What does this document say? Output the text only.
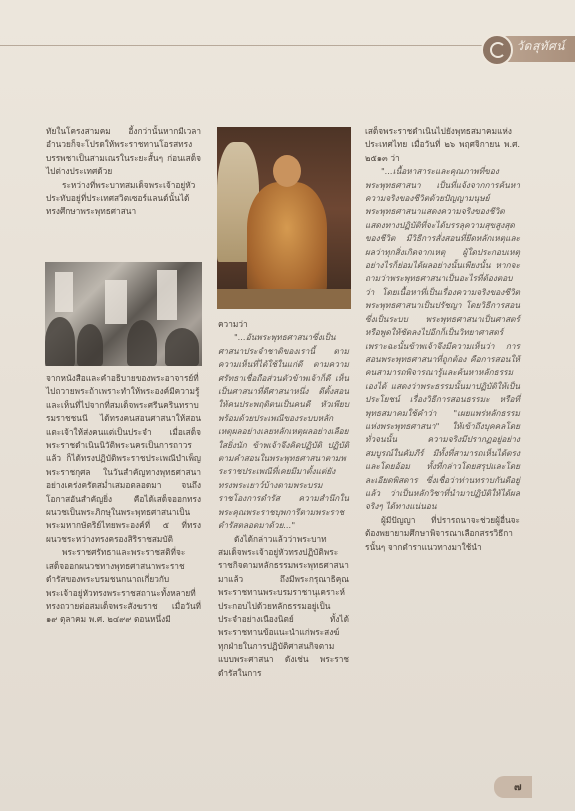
วัดสุทัศน์

ทัยในโครงสามคม อี้งกว่านั้นหากมีเวลาอำนวยก็จะโปรดให้พระราชทานโอรสทรงบรรพชาเป็นสามเณรในระยะสั้นๆ ก่อนเสด็จไปต่างประเทศด้วย

ระหว่างที่พระบาทสมเด็จพระเจ้าอยู่หัวประทับอยู่ที่ประเทศสวิตเซอร์แลนด์นั้นได้ทรงศึกษาพระพุทธศาสนา

จากหนังสือและคำอธิบายของพระอาจารย์ที่ไปถวายพระถ้าเพราะทำให้พระองค์มีความรู้และเห็นที่ไปจากที่สมเด็จพระศรีนครินทราบรมราชชนนี ได้ทรงคนสอนศาสนาให้สอนแตะเจ้าให้ส่งคนแต่เป็นประจำ เมื่อเสด็จพระราชดำเนินนิวัติพระนครเป็นการถาวรแล้ว ก็ได้ทรงปฏิบัติพระราชประเพณีบำเพ็ญพระราชกุศล ในวันสำคัญทางพุทธศาสนาอย่างเคร่งครัดสม่ำเสมอตลอดมา จนถึงโอกาสอันสำคัญยิ่ง คือได้เสด็จออกทรงผนวชเป็นพระภิกษุในพระพุทธศาสนาเป็นพระมหากษัตริย์ไทยพระองค์ที่ ๕ ที่ทรงผนวชระหว่างทรงครองสิริราชสมบัติ

พระราชศรัทธาและพระราชสติที่จะเสด็จออกผนวชทางพุทธศาสนาพระราชดำรัสของพระบรมชนกนาถเกี่ยวกับพระเจ้าอยู่หัวทรงพระราชสถานะทั้งหลายที่ทรงถวายต่อสมเด็จพระสังฆราช เมื่อวันที่ ๑๙ ตุลาคม พ.ศ. ๒๔๙๙ ตอนหนึ่งมี

ความว่า

"...อันพระพุทธศาสนาซึ่งเป็นศาสนาประจำชาติของเรานี้ ตามความเห็นที่ได้ใช้ในแก่ดี ตามความศรัทธาเชื่อถือส่วนตัวข้าพเจ้าก็ดี เห็นเป็นศาสนาที่ดีศาสนาหนึ่ง ดีตั้งสอนให้คนประพฤติตนเป็นคนดี หัวเพียบพร้อมด้วยประเพณีของระบบหลักเหตุผลอย่างเลยหลักเหตุผลอย่างเลือยใสยิ่งนัก ข้าพเจ้าจึงคิดปฏิบัติ ปฏิบัติตามคำสอนในพระพุทธศาสนาตามพระราชประเพณีที่เคยมีมาตั้งแต่ยังทรงพระเยาว์บ้างตามพระบรมราชโองการดำรัส ความสำนึกในพระคุณพระราชบุพการีตามพระราชดำรัสตลอดมาด้วย..."

ดังได้กล่าวแล้วว่าพระบาทสมเด็จพระเจ้าอยู่หัวทรงปฏิบัติพระราชกิจตามหลักธรรมพระพุทธศาสนามาแล้ว ถึงมีพระกรุณาธิคุณพระราชทานพระบรมราชานุเคราะห์ประกอบไปด้วยหลักธรรมอยู่เป็นประจำอย่างเนืองนิตย์ ทั้งได้พระราชทานข้อแนะนำแก่พระสงฆ์ทุกฝ่ายในการปฏิบัติศาสนกิจตามแบบพระศาสนา ดังเช่น พระราชดำรัสในการ

เสด็จพระราชดำเนินไปยังพุทธสมาคมแห่งประเทศไทย เมื่อวันที่ ๒๖ พฤศจิกายน พ.ศ. ๒๕๑๓ ว่า

"...เนื้อหาสาระและคุณภาพที่ของพระพุทธศาสนา เป็นที่แจ้งจากการค้นหาความจริงของชีวิตด้วยปัญญามนุษย์ พระพุทธศาสนาแสดงความจริงของชีวิต แสดงทางปฏิบัติที่จะได้บรรลุความสุขสูงสุดของชีวิต มีวิธีการสั่งสอนที่ยึดหลักเหตุและผลว่าทุกสิ่งเกิดจากเหตุ ผู้ใดประกอบเหตุอย่างไรก็ย่อมได้ผลอย่างนั้นเพียงนั้น หากจะถามว่าพระพุทธศาสนาเป็นอะไรที่ต้องตอบว่า โดยเนื้อหาที่เป็นเรื่องความจริงของชีวิต พระพุทธศาสนาเป็นปรัชญา โดยวิธีการสอนซึ่งเป็นระบบ พระพุทธศาสนาเป็นศาสตร์ หรือพูดให้ชัดลงไปอีกก็เป็นวิทยาศาสตร์ เพราะฉะนั้นข้าพเจ้าจึงมีความเห็นว่า การสอนพระพุทธศาสนาที่ถูกต้อง คือการสอนให้คนสามารถพิจารณารู้และค้นหาหลักธรรมเองได้ แสดงว่าพระธรรมนั้นมาปฏิบัติให้เป็นประโยชน์ เรื่องวิธีการสอนธรรมะ หรือที่พุทธสมาคมใช้คำว่า "เผยแพร่หลักธรรมแห่งพระพุทธศาสนา" ให้เข้าถึงบุคคลโดยทั่วจนนั้น ความจริงมีปรากฏอยู่อย่างสมบูรณ์ในคัมภีร์ มีทั้งที่สามารถเห็นได้ตรงและโดยอ้อม ทั้งที่กล่าวโดยสรุปและโดยละเอียดพิสดาร ซึ่งเชื่อว่าท่านทราบกันดีอยู่แล้ว ว่าเป็นหลักวิชาที่นำมาปฏิบัติให้ได้ผลจริงๆ ได้ทางแน่นอน

ผู้มีปัญญา ที่ปรารถนาจะช่วยผู้อื่นจะต้องพยายามศึกษาพิจารณาเลือกสรรวิธีการนั้นๆ จากตำราแนวทางมาใช้นำ

๗
